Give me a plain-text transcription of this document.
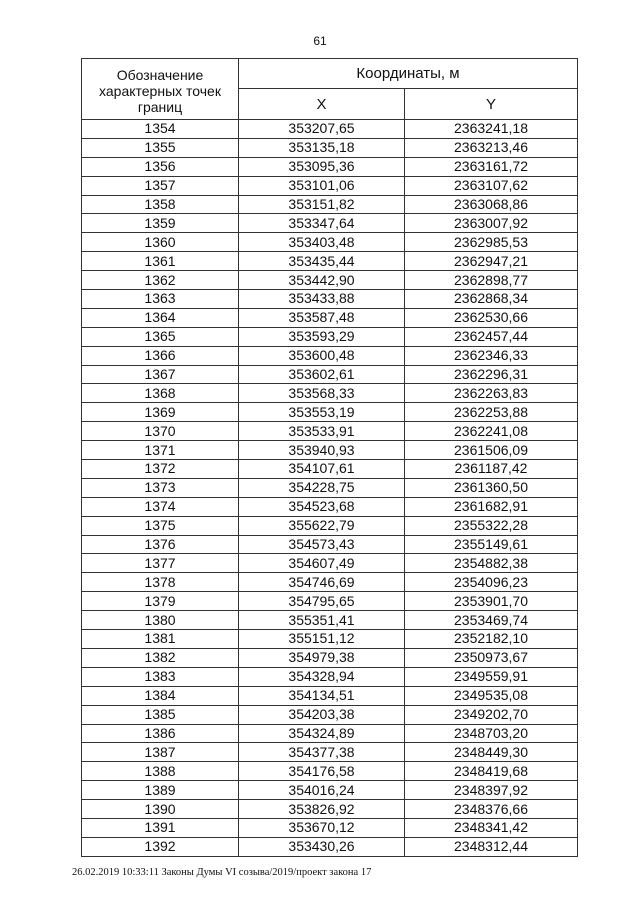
61
Обозначение характерных точек границ	Координаты, м	
	X	Y
1354	353207,65	2363241,18
1355	353135,18	2363213,46
1356	353095,36	2363161,72
1357	353101,06	2363107,62
1358	353151,82	2363068,86
1359	353347,64	2363007,92
1360	353403,48	2362985,53
1361	353435,44	2362947,21
1362	353442,90	2362898,77
1363	353433,88	2362868,34
1364	353587,48	2362530,66
1365	353593,29	2362457,44
1366	353600,48	2362346,33
1367	353602,61	2362296,31
1368	353568,33	2362263,83
1369	353553,19	2362253,88
1370	353533,91	2362241,08
1371	353940,93	2361506,09
1372	354107,61	2361187,42
1373	354228,75	2361360,50
1374	354523,68	2361682,91
1375	355622,79	2355322,28
1376	354573,43	2355149,61
1377	354607,49	2354882,38
1378	354746,69	2354096,23
1379	354795,65	2353901,70
1380	355351,41	2353469,74
1381	355151,12	2352182,10
1382	354979,38	2350973,67
1383	354328,94	2349559,91
1384	354134,51	2349535,08
1385	354203,38	2349202,70
1386	354324,89	2348703,20
1387	354377,38	2348449,30
1388	354176,58	2348419,68
1389	354016,24	2348397,92
1390	353826,92	2348376,66
1391	353670,12	2348341,42
1392	353430,26	2348312,44
26.02.2019 10:33:11 Законы Думы VI созыва/2019/проект закона 17
